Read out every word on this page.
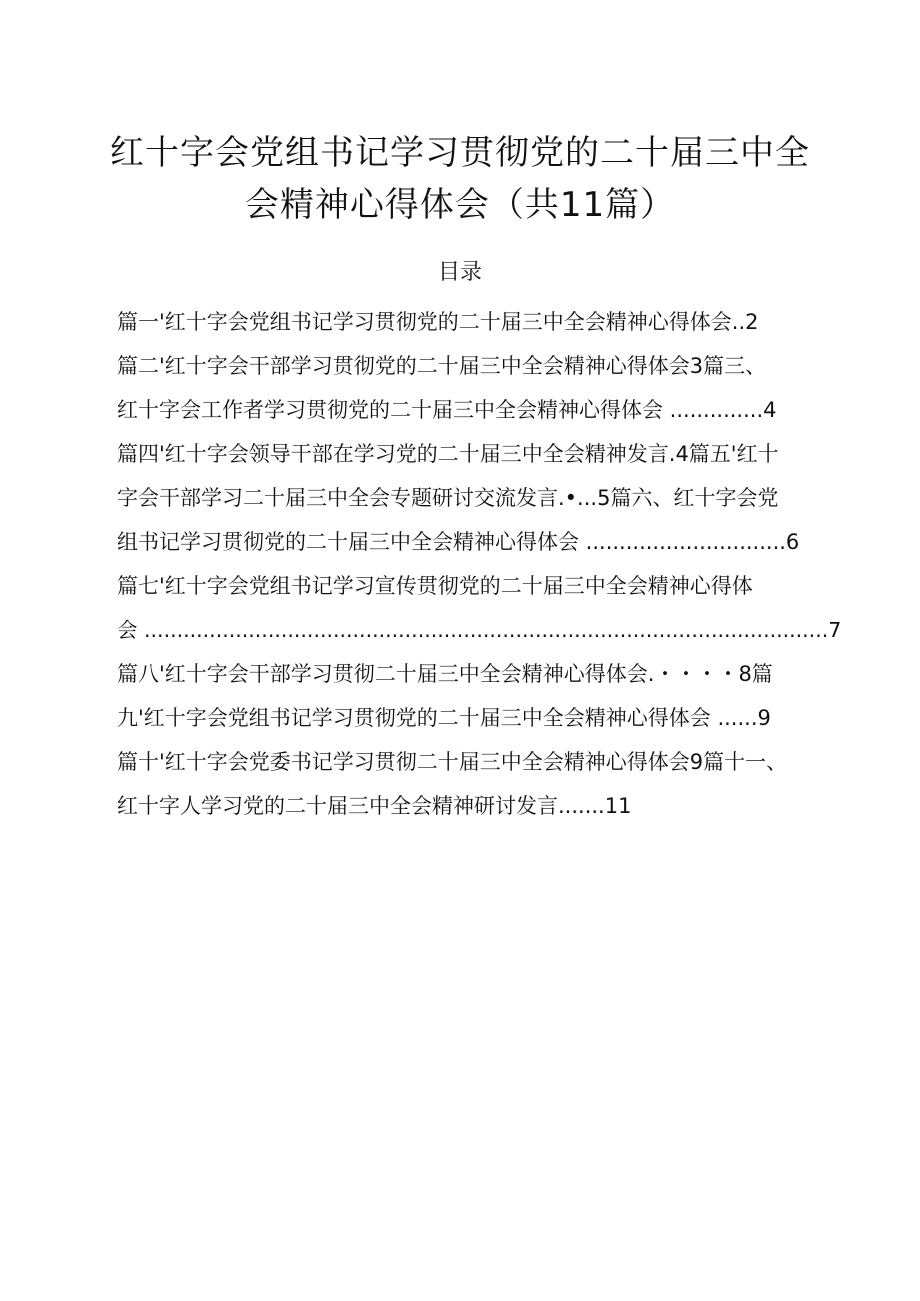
红十字会党组书记学习贯彻党的二十届三中全
会精神心得体会（共11篇）
目录
篇一'红十字会党组书记学习贯彻党的二十届三中全会精神心得体会..2
篇二'红十字会干部学习贯彻党的二十届三中全会精神心得体会3篇三、
红十字会工作者学习贯彻党的二十届三中全会精神心得体会 ..............4
篇四'红十字会领导干部在学习党的二十届三中全会精神发言.4篇五'红十
字会干部学习二十届三中全会专题研讨交流发言.•...5篇六、红十字会党
组书记学习贯彻党的二十届三中全会精神心得体会 ..............................6
篇七'红十字会党组书记学习宣传贯彻党的二十届三中全会精神心得体
会 .........................................................................................................7
篇八'红十字会干部学习贯彻二十届三中全会精神心得体会.・・・・8篇
九'红十字会党组书记学习贯彻党的二十届三中全会精神心得体会 ......9
篇十'红十字会党委书记学习贯彻二十届三中全会精神心得体会9篇十一、
红十字人学习党的二十届三中全会精神研讨发言.......11
